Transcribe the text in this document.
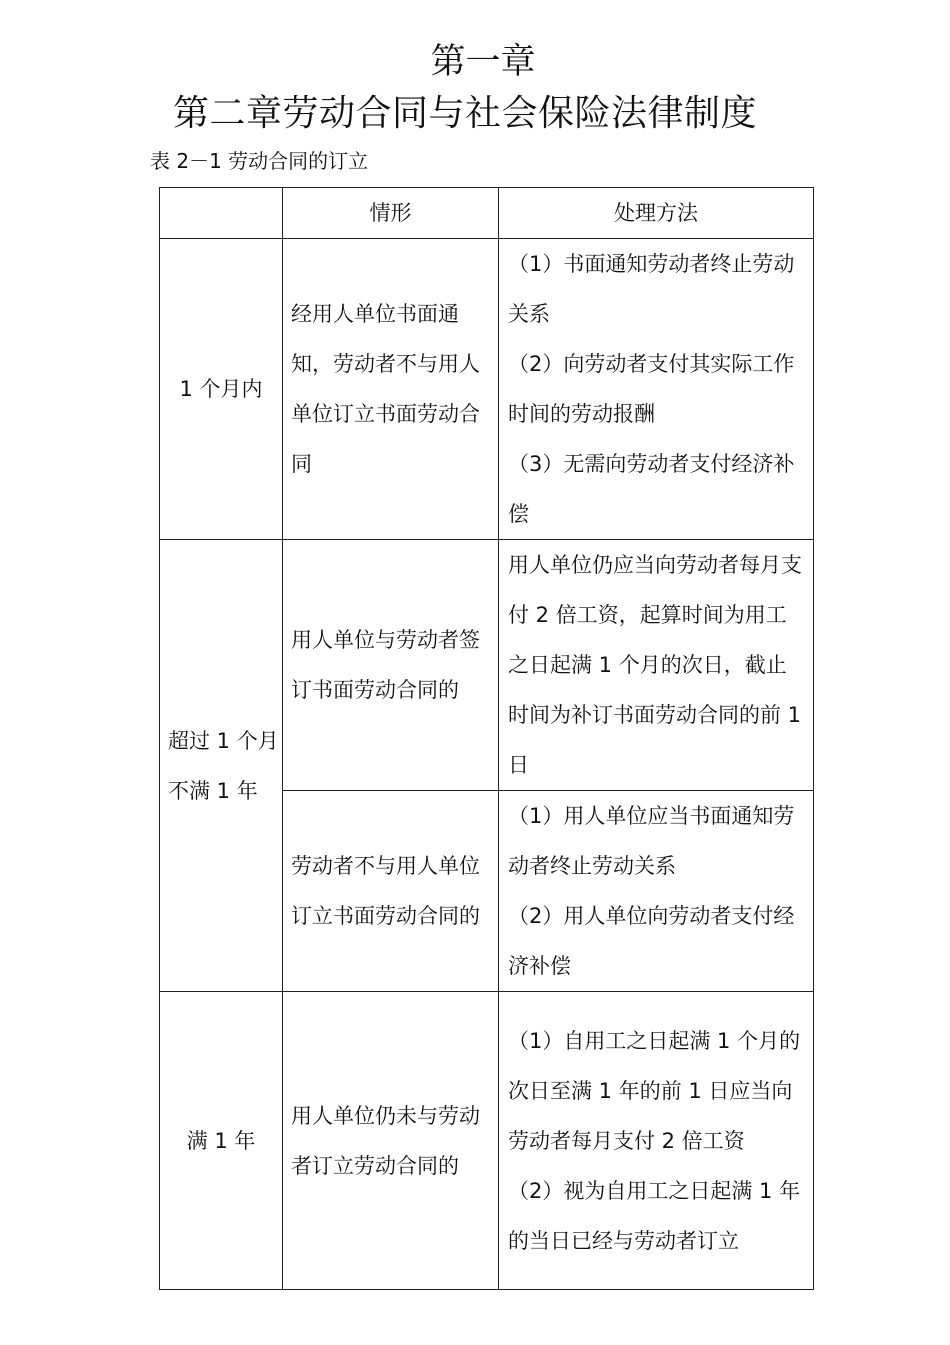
第一章
第二章劳动合同与社会保险法律制度
表 2－1 劳动合同的订立
	情形	处理方法
1 个月内	经用人单位书面通知，劳动者不与用人单位订立书面劳动合同	（1）书面通知劳动者终止劳动关系
（2）向劳动者支付其实际工作时间的劳动报酬
（3）无需向劳动者支付经济补偿

超过 1 个月不满 1 年	用人单位与劳动者签订书面劳动合同的	用人单位仍应当向劳动者每月支付 2 倍工资，起算时间为用工之日起满 1 个月的次日，截止时间为补订书面劳动合同的前 1 日

	劳动者不与用人单位订立书面劳动合同的	（1）用人单位应当书面通知劳动者终止劳动关系
（2）用人单位向劳动者支付经济补偿

满 1 年	用人单位仍未与劳动者订立劳动合同的	（1）自用工之日起满 1 个月的次日至满 1 年的前 1 日应当向劳动者每月支付 2 倍工资
（2）视为自用工之日起满 1 年的当日已经与劳动者订立
